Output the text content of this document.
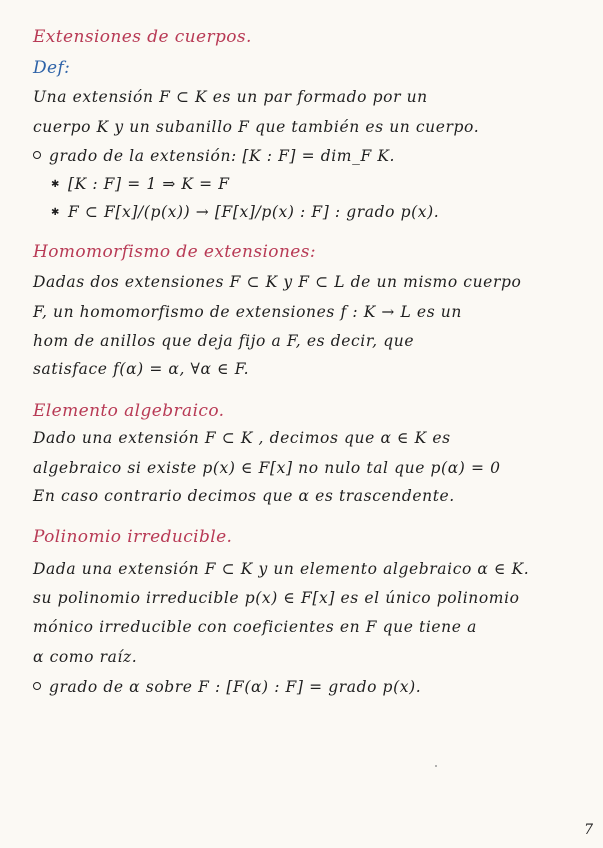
Extensiones de cuerpos.
Def:
Una extensión F ⊂ K es un par formado por un
cuerpo K y un subanillo F que también es un cuerpo.
grado de la extensión: [K : F] = dim_F K.
✱ [K : F] = 1 ⇒ K = F
✱ F ⊂ F[x]/(p(x)) → [F[x]/p(x) : F] : grado p(x).
Homomorfismo de extensiones:
Dadas dos extensiones F ⊂ K y F ⊂ L de un mismo cuerpo
F, un homomorfismo de extensiones f : K → L es un
hom de anillos que deja fijo a F, es decir, que
satisface f(α) = α, ∀α ∈ F.
Elemento algebraico.
Dado una extensión F ⊂ K , decimos que α ∈ K es
algebraico si existe p(x) ∈ F[x] no nulo tal que p(α) = 0
En caso contrario decimos que α es trascendente.
Polinomio irreducible.
Dada una extensión F ⊂ K y un elemento algebraico α ∈ K.
su polinomio irreducible p(x) ∈ F[x] es el único polinomio
mónico irreducible con coeficientes en F que tiene a
α como raíz.
grado de α sobre F : [F(α) : F] = grado p(x).
7
